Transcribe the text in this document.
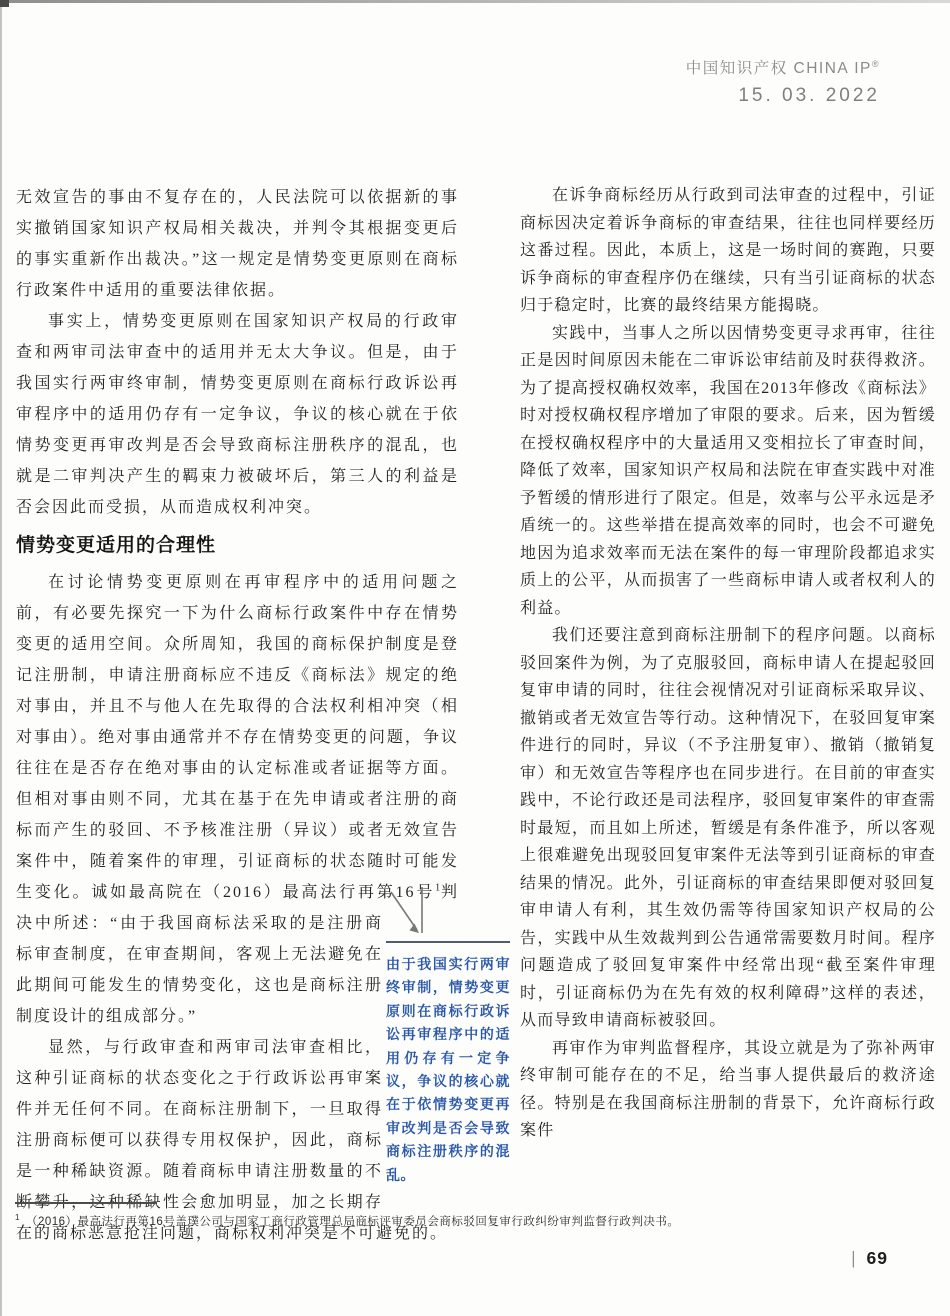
中国知识产权 CHINA IP®
15. 03. 2022

无效宣告的事由不复存在的，人民法院可以依据新的事实撤销国家知识产权局相关裁决，并判令其根据变更后的事实重新作出裁决。”这一规定是情势变更原则在商标行政案件中适用的重要法律依据。

事实上，情势变更原则在国家知识产权局的行政审查和两审司法审查中的适用并无太大争议。但是，由于我国实行两审终审制，情势变更原则在商标行政诉讼再审程序中的适用仍存有一定争议，争议的核心就在于依情势变更再审改判是否会导致商标注册秩序的混乱，也就是二审判决产生的羁束力被破坏后，第三人的利益是否会因此而受损，从而造成权利冲突。

情势变更适用的合理性

在讨论情势变更原则在再审程序中的适用问题之前，有必要先探究一下为什么商标行政案件中存在情势变更的适用空间。众所周知，我国的商标保护制度是登记注册制，申请注册商标应不违反《商标法》规定的绝对事由，并且不与他人在先取得的合法权利相冲突（相对事由）。绝对事由通常并不存在情势变更的问题，争议往往在是否存在绝对事由的认定标准或者证据等方面。但相对事由则不同，尤其在基于在先申请或者注册的商标而产生的驳回、不予核准注册（异议）或者无效宣告案件中，随着案件的审理，引证商标的状态随时可能发生变化。诚如最高院在（2016）最高法行再第16号$^1$
判决中所述：“由于我国商标法采取的是注册商标审查制度，在审查期间，客观上无法避免在此期间可能发生的情势变化，这也是商标注册制度设计的组成部分。”

显然，与行政审查和两审司法审查相比，这种引证商标的状态变化之于行政诉讼再审案件并无任何不同。在商标注册制下，一旦取得注册商标便可以获得专用权保护，因此，商标是一种稀缺资源。随着商标申请注册数量的不断攀升，这种稀缺性会愈加明显，加之长期存在的商标恶意抢注问题，商标权利冲突是不可避免的。

在诉争商标经历从行政到司法审查的过程中，引证商标因决定着诉争商标的审查结果，往往也同样要经历这番过程。因此，本质上，这是一场时间的赛跑，只要诉争商标的审查程序仍在继续，只有当引证商标的状态归于稳定时，比赛的最终结果方能揭晓。

实践中，当事人之所以因情势变更寻求再审，往往正是因时间原因未能在二审诉讼审结前及时获得救济。为了提高授权确权效率，我国在2013年修改《商标法》时对授权确权程序增加了审限的要求。后来，因为暂缓在授权确权程序中的大量适用又变相拉长了审查时间，降低了效率，国家知识产权局和法院在审查实践中对准予暂缓的情形进行了限定。但是，效率与公平永远是矛盾统一的。这些举措在提高效率的同时，也会不可避免地因为追求效率而无法在案件的每一审理阶段都追求实质上的公平，从而损害了一些商标申请人或者权利人的利益。

我们还要注意到商标注册制下的程序问题。以商标驳回案件为例，为了克服驳回，商标申请人在提起驳回复审申请的同时，往往会视情况对引证商标采取异议、撤销或者无效宣告等行动。这种情况下，在驳回复审案件进行的同时，异议（不予注册复审）、撤销（撤销复审）和无效宣告等程序也在同步进行。在目前的审查实践中，不论行政还是司法程序，驳回复审案件的审查需时最短，而且如上所述，暂缓是有条件准予，所以客观上很难避免出现驳回复审案件无法等到引证商标的审查结果的情况。此外，引证商标的审查结果即便对驳回复审申请人有利，其生效仍需等待国家知识产权局的公告，实践中从生效裁判到公告通常需要数月时间。程序问题造成了驳回复审案件中经常出现“截至案件审理时，引证商标仍为在先有效的权利障碍”这样的表述，从而导致申请商标被驳回。

再审作为审判监督程序，其设立就是为了弥补两审终审制可能存在的不足，给当事人提供最后的救济途径。特别是在我国商标注册制的背景下，允许商标行政案件

由于我国实行两审终审制，情势变更原则在商标行政诉讼再审程序中的适用仍存有一定争议，争议的核心就在于依情势变更再审改判是否会导致商标注册秩序的混乱。
$^1$ （2016）最高法行再第16号盖璞公司与国家工商行政管理总局商标评审委员会商标驳回复审行政纠纷审判监督行政判决书。
| 69
